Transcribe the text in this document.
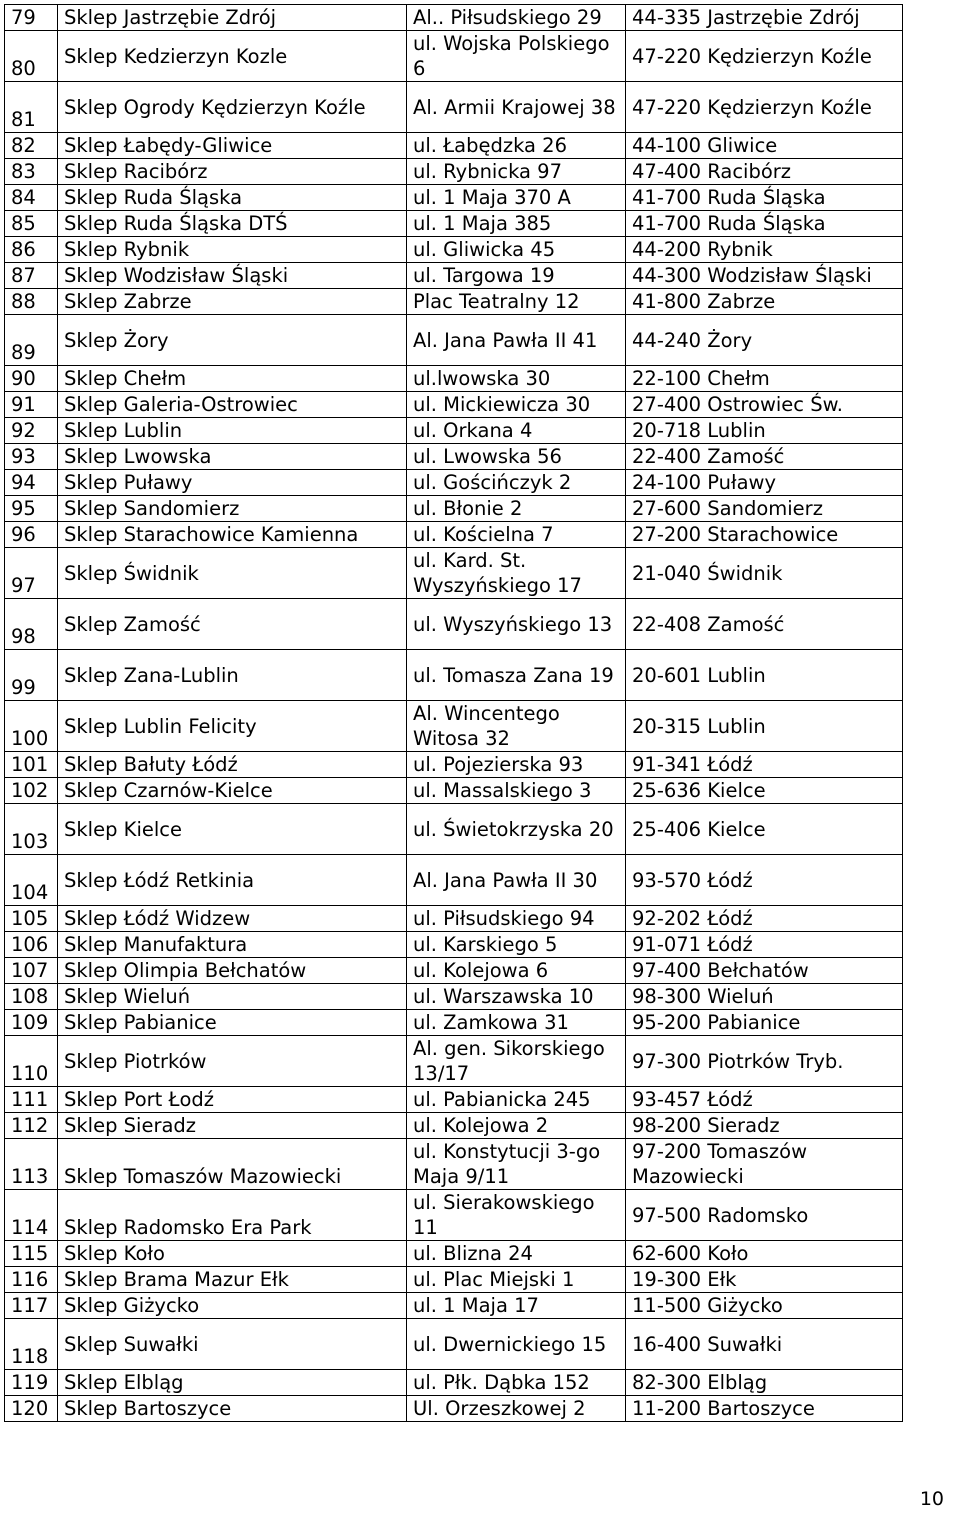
79	Sklep Jastrzębie Zdrój	Al.. Piłsudskiego 29	44-335 Jastrzębie Zdrój
80	Sklep Kedzierzyn Kozle	ul. Wojska Polskiego 6	47-220 Kędzierzyn Koźle
81	Sklep Ogrody Kędzierzyn Koźle	Al. Armii Krajowej 38	47-220 Kędzierzyn Koźle
82	Sklep Łabędy-Gliwice	ul. Łabędzka 26	44-100 Gliwice
83	Sklep Racibórz	ul. Rybnicka 97	47-400 Racibórz
84	Sklep Ruda Śląska	ul. 1 Maja 370 A	41-700 Ruda Śląska
85	Sklep Ruda Śląska DTŚ	ul. 1 Maja 385	41-700 Ruda Śląska
86	Sklep Rybnik	ul. Gliwicka 45	44-200 Rybnik
87	Sklep Wodzisław Śląski	ul. Targowa 19	44-300 Wodzisław Śląski
88	Sklep Zabrze	Plac Teatralny 12	41-800 Zabrze
89	Sklep Żory	Al. Jana Pawła II 41	44-240 Żory
90	Sklep Chełm	ul.lwowska 30	22-100 Chełm
91	Sklep Galeria-Ostrowiec	ul. Mickiewicza 30	27-400 Ostrowiec Św.
92	Sklep Lublin	ul. Orkana 4	20-718 Lublin
93	Sklep Lwowska	ul. Lwowska 56	22-400 Zamość
94	Sklep Puławy	ul. Gościńczyk 2	24-100 Puławy
95	Sklep Sandomierz	ul. Błonie 2	27-600 Sandomierz
96	Sklep Starachowice Kamienna	ul. Kościelna 7	27-200 Starachowice
97	Sklep Świdnik	ul. Kard. St. Wyszyńskiego 17	21-040 Świdnik
98	Sklep Zamość	ul. Wyszyńskiego 13	22-408 Zamość
99	Sklep Zana-Lublin	ul. Tomasza Zana 19	20-601 Lublin
100	Sklep Lublin Felicity	Al. Wincentego Witosa 32	20-315 Lublin
101	Sklep Bałuty Łódź	ul. Pojezierska 93	91-341 Łódź
102	Sklep Czarnów-Kielce	ul. Massalskiego 3	25-636 Kielce
103	Sklep Kielce	ul. Świetokrzyska 20	25-406 Kielce
104	Sklep Łódź Retkinia	Al. Jana Pawła II 30	93-570 Łódź
105	Sklep Łódź Widzew	ul. Piłsudskiego 94	92-202 Łódź
106	Sklep Manufaktura	ul. Karskiego 5	91-071 Łódź
107	Sklep Olimpia Bełchatów	ul. Kolejowa 6	97-400 Bełchatów
108	Sklep Wieluń	ul. Warszawska 10	98-300 Wieluń
109	Sklep Pabianice	ul. Zamkowa 31	95-200 Pabianice
110	Sklep Piotrków	Al. gen. Sikorskiego 13/17	97-300 Piotrków Tryb.
111	Sklep Port Łodź	ul. Pabianicka 245	93-457 Łódź
112	Sklep Sieradz	ul. Kolejowa 2	98-200 Sieradz
113	Sklep Tomaszów Mazowiecki	ul. Konstytucji 3-go Maja 9/11	97-200 Tomaszów Mazowiecki
114	Sklep Radomsko Era Park	ul. Sierakowskiego 11	97-500 Radomsko
115	Sklep Koło	ul. Blizna 24	62-600 Koło
116	Sklep Brama Mazur Ełk	ul. Plac Miejski 1	19-300 Ełk
117	Sklep Giżycko	ul. 1 Maja 17	11-500 Giżycko
118	Sklep Suwałki	ul. Dwernickiego 15	16-400 Suwałki
119	Sklep Elbląg	ul. Płk. Dąbka 152	82-300 Elbląg
120	Sklep Bartoszyce	Ul. Orzeszkowej 2	11-200 Bartoszyce
10
